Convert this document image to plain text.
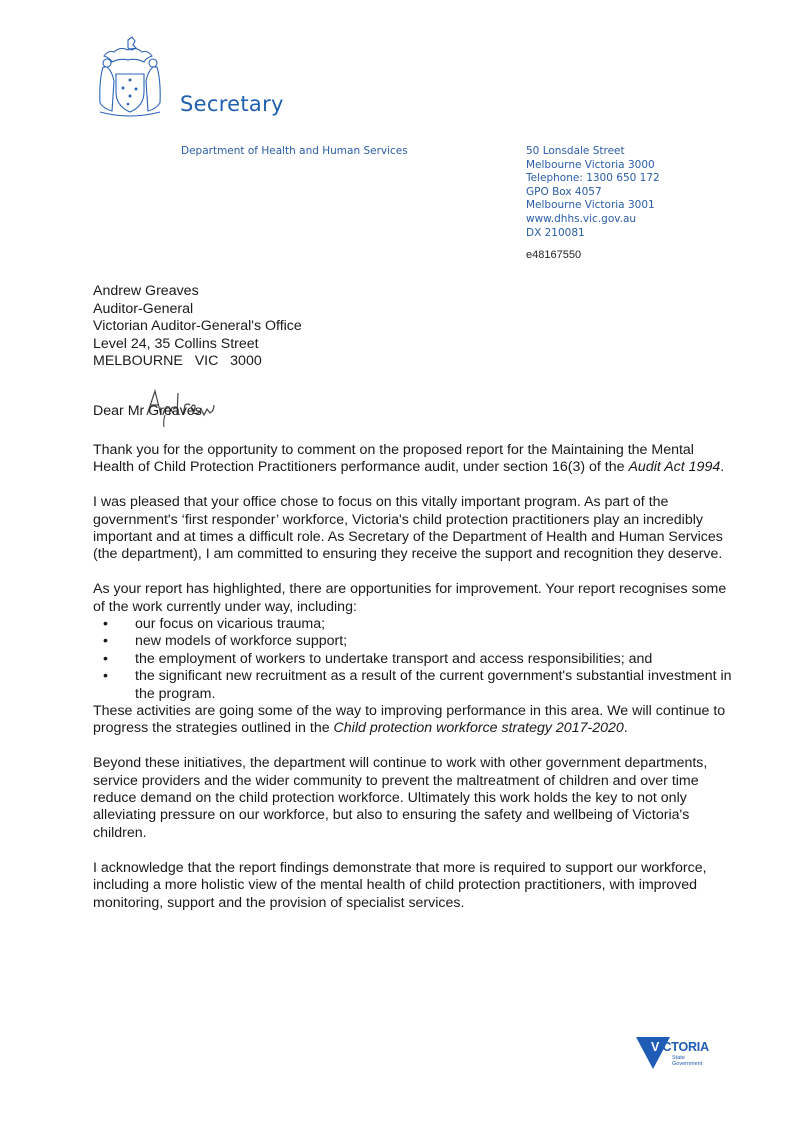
Secretary
Department of Health and Human Services	50 Lonsdale Street
Melbourne Victoria 3000
Telephone: 1300 650 172
GPO Box 4057
Melbourne Victoria 3001
www.dhhs.vic.gov.au
DX 210081
e48167550
Andrew Greaves
Auditor-General
Victorian Auditor-General's Office
Level 24, 35 Collins Street
MELBOURNE   VIC   3000
Dear Mr Greaves

Thank you for the opportunity to comment on the proposed report for the Maintaining the Mental Health of Child Protection Practitioners performance audit, under section 16(3) of the Audit Act 1994.

I was pleased that your office chose to focus on this vitally important program. As part of the government's ‘first responder’ workforce, Victoria's child protection practitioners play an incredibly important and at times a difficult role. As Secretary of the Department of Health and Human Services (the department), I am committed to ensuring they receive the support and recognition they deserve.

As your report has highlighted, there are opportunities for improvement. Your report recognises some of the work currently under way, including:
• our focus on vicarious trauma;
• new models of workforce support;
• the employment of workers to undertake transport and access responsibilities; and
• the significant new recruitment as a result of the current government's substantial investment in the program.

These activities are going some of the way to improving performance in this area. We will continue to progress the strategies outlined in the Child protection workforce strategy 2017-2020.

Beyond these initiatives, the department will continue to work with other government departments, service providers and the wider community to prevent the maltreatment of children and over time reduce demand on the child protection workforce. Ultimately this work holds the key to not only alleviating pressure on our workforce, but also to ensuring the safety and wellbeing of Victoria's children.

I acknowledge that the report findings demonstrate that more is required to support our workforce, including a more holistic view of the mental health of child protection practitioners, with improved monitoring, support and the provision of specialist services.

VICTORIA
State
Government
